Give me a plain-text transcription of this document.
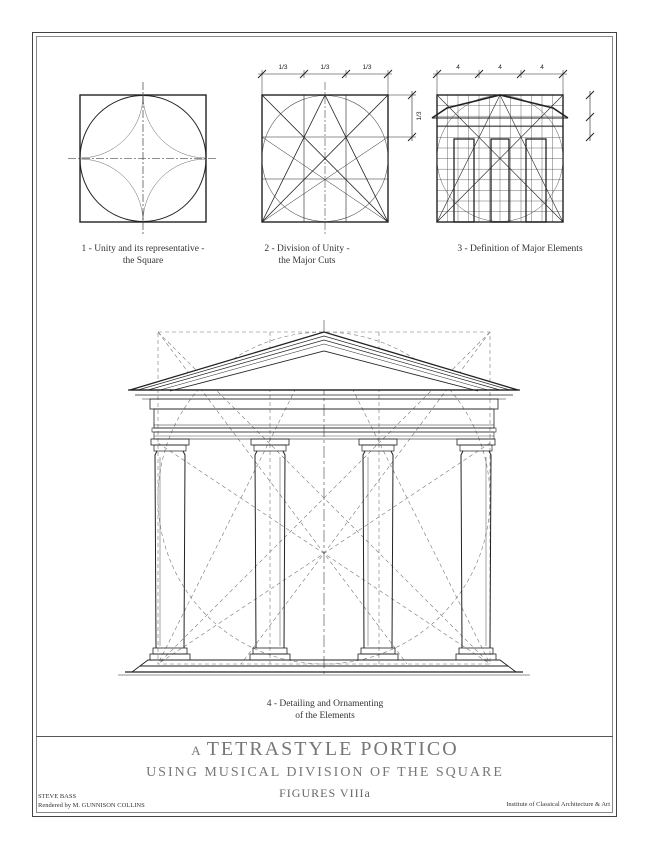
1/3	1/3	1/3
1/3
4	4	4
1 - Unity and its representative -
the Square
2 - Division of Unity -
the Major Cuts
3 - Definition of Major Elements
4 - Detailing and Ornamenting
of the Elements
A TETRASTYLE PORTICO
USING MUSICAL DIVISION OF THE SQUARE
FIGURES VIIIa
STEVE BASS
Rendered by M. GUNNISON COLLINS	Institute of Classical Architecture & Art
